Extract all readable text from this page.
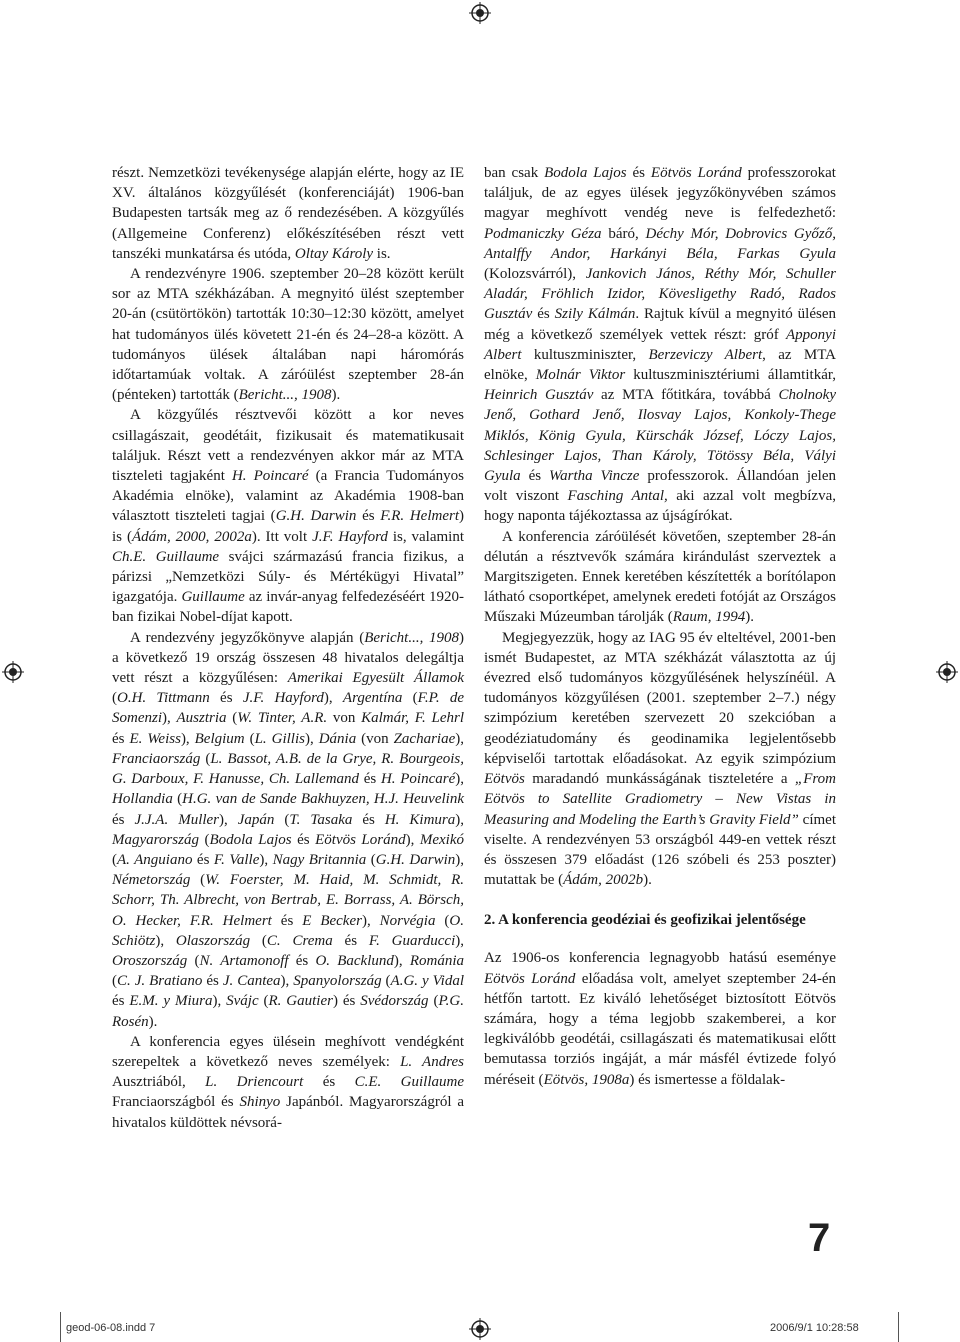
részt. Nemzetközi tevékenysége alapján elérte, hogy az IE XV. általános közgyűlését (konferenciáját) 1906-ban Budapesten tartsák meg az ő rendezésében. A közgyűlés (Allgemeine Conferenz) előkészítésében részt vett tanszéki munkatársa és utóda, Oltay Károly is.

A rendezvényre 1906. szeptember 20–28 között került sor az MTA székházában. A megnyitó ülést szeptember 20-án (csütörtökön) tartották 10:30–12:30 között, amelyet hat tudományos ülés követett 21-én és 24–28-a között. A tudományos ülések általában napi háromórás időtartamúak voltak. A záróülést szeptember 28-án (pénteken) tartották (Bericht..., 1908).

A közgyűlés résztvevői között a kor neves csillagászait, geodétáit, fizikusait és matematikusait találjuk. Részt vett a rendezvényen akkor már az MTA tiszteleti tagjaként H. Poincaré (a Francia Tudományos Akadémia elnöke), valamint az Akadémia 1908-ban választott tiszteleti tagjai (G.H. Darwin és F.R. Helmert) is (Ádám, 2000, 2002a). Itt volt J.F. Hayford is, valamint Ch.E. Guillaume svájci származású francia fizikus, a párizsi „Nemzetközi Súly- és Mértékügyi Hivatal” igazgatója. Guillaume az invár-anyag felfedezéséért 1920-ban fizikai Nobel-díjat kapott.

A rendezvény jegyzőkönyve alapján (Bericht..., 1908) a következő 19 ország összesen 48 hivatalos delegáltja vett részt a közgyűlésen: Amerikai Egyesült Államok (O.H. Tittmann és J.F. Hayford), Argentína (F.P. de Somenzi), Ausztria (W. Tinter, A.R. von Kalmár, F. Lehrl és E. Weiss), Belgium (L. Gillis), Dánia (von Zachariae), Franciaország (L. Bassot, A.B. de la Grye, R. Bourgeois, G. Darboux, F. Hanusse, Ch. Lallemand és H. Poincaré), Hollandia (H.G. van de Sande Bakhuyzen, H.J. Heuvelink és J.J.A. Muller), Japán (T. Tasaka és H. Kimura), Magyarország (Bodola Lajos és Eötvös Loránd), Mexikó (A. Anguiano és F. Valle), Nagy Britannia (G.H. Darwin), Németország (W. Foerster, M. Haid, M. Schmidt, R. Schorr, Th. Albrecht, von Bertrab, E. Borrass, A. Börsch, O. Hecker, F.R. Helmert és E Becker), Norvégia (O. Schiötz), Olaszország (C. Crema és F. Guarducci), Oroszország (N. Artamonoff és O. Backlund), Románia (C. J. Bratiano és J. Cantea), Spanyolország (A.G. y Vidal és E.M. y Miura), Svájc (R. Gautier) és Svédország (P.G. Rosén).

A konferencia egyes ülésein meghívott vendégként szerepeltek a következő neves személyek: L. Andres Ausztriából, L. Driencourt és C.E. Guillaume Franciaországból és Shinyo Japánból. Magyarországról a hivatalos küldöttek névsorá-

ban csak Bodola Lajos és Eötvös Loránd professzorokat találjuk, de az egyes ülések jegyzőkönyvében számos magyar meghívott vendég neve is felfedezhető: Podmaniczky Géza báró, Déchy Mór, Dobrovics Győző, Antalffy Andor, Harkányi Béla, Farkas Gyula (Kolozsvárról), Jankovich János, Réthy Mór, Schuller Aladár, Fröhlich Izidor, Kövesligethy Radó, Rados Gusztáv és Szily Kálmán. Rajtuk kívül a megnyitó ülésen még a következő személyek vettek részt: gróf Apponyi Albert kultuszminiszter, Berzeviczy Albert, az MTA elnöke, Molnár Viktor kultuszminisztériumi államtitkár, Heinrich Gusztáv az MTA főtitkára, továbbá Cholnoky Jenő, Gothard Jenő, Ilosvay Lajos, Konkoly-Thege Miklós, König Gyula, Kürschák József, Lóczy Lajos, Schlesinger Lajos, Than Károly, Tötössy Béla, Vályi Gyula és Wartha Vincze professzorok. Állandóan jelen volt viszont Fasching Antal, aki azzal volt megbízva, hogy naponta tájékoztassa az újságírókat.

A konferencia záróülését követően, szeptember 28-án délután a résztvevők számára kirándulást szerveztek a Margitszigeten. Ennek keretében készítették a borítólapon látható csoportképet, amelynek eredeti fotóját az Országos Műszaki Múzeumban tárolják (Raum, 1994).

Megjegyezzük, hogy az IAG 95 év elteltével, 2001-ben ismét Budapestet, az MTA székházát választotta az új évezred első tudományos közgyűlésének helyszínéül. A tudományos közgyűlésen (2001. szeptember 2–7.) négy szimpózium keretében szervezett 20 szekcióban a geodéziatudomány és geodinamika legjelentősebb képviselői tartottak előadásokat. Az egyik szimpózium Eötvös maradandó munkásságának tiszteletére a „From Eötvös to Satellite Gradiometry – New Vistas in Measuring and Modeling the Earth’s Gravity Field” címet viselte. A rendezvényen 53 országból 449-en vettek részt és összesen 379 előadást (126 szóbeli és 253 poszter) mutattak be (Ádám, 2002b).

2. A konferencia geodéziai és geofizikai jelentősége

Az 1906-os konferencia legnagyobb hatású eseménye Eötvös Loránd előadása volt, amelyet szeptember 24-én hétfőn tartott. Ez kiváló lehetőséget biztosított Eötvös számára, hogy a téma legjobb szakemberei, a kor legkiválóbb geodétái, csillagászati és matematikusai előtt bemutassa torziós ingáját, a már másfél évtizede folyó méréseit (Eötvös, 1908a) és ismertesse a földalak-

7
geod-06-08.indd 7	2006/9/1 10:28:58
